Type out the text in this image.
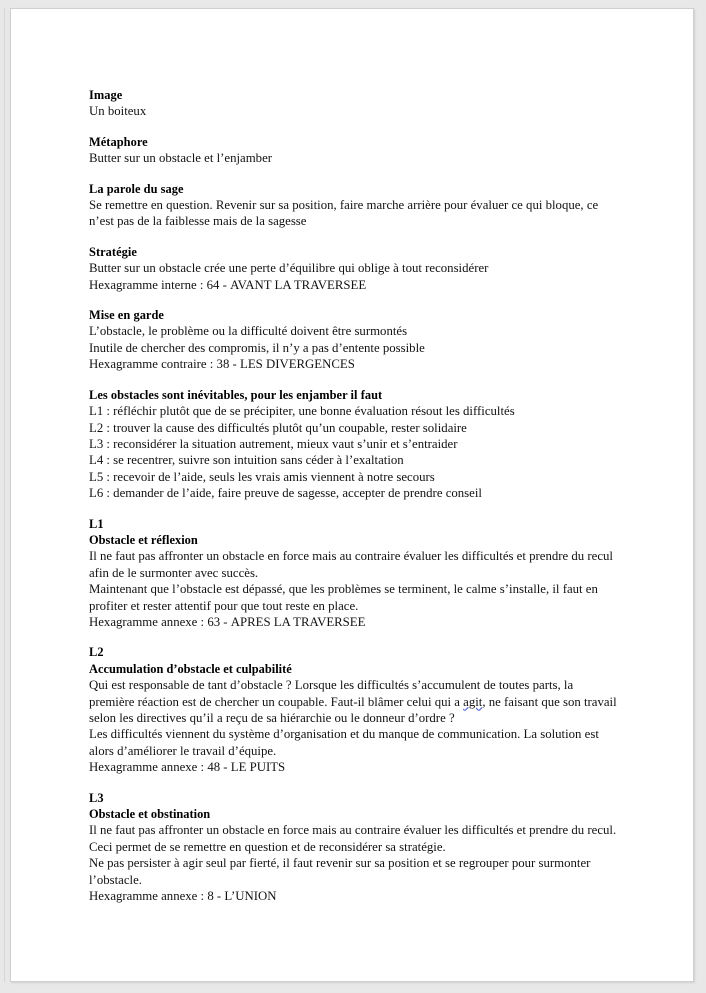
Image
Un boiteux
Métaphore
Butter sur un obstacle et l’enjamber
La parole du sage
Se remettre en question. Revenir sur sa position, faire marche arrière pour évaluer ce qui bloque, ce n’est pas de la faiblesse mais de la sagesse
Stratégie
Butter sur un obstacle crée une perte d’équilibre qui oblige à tout reconsidérer
Hexagramme interne : 64 - AVANT LA TRAVERSEE
Mise en garde
L’obstacle, le problème ou la difficulté doivent être surmontés
Inutile de chercher des compromis, il n’y a pas d’entente possible
Hexagramme contraire : 38 - LES DIVERGENCES
Les obstacles sont inévitables, pour les enjamber il faut
L1 : réfléchir plutôt que de se précipiter, une bonne évaluation résout les difficultés
L2 : trouver la cause des difficultés plutôt qu’un coupable, rester solidaire
L3 : reconsidérer la situation autrement, mieux vaut s’unir et s’entraider
L4 : se recentrer, suivre son intuition sans céder à l’exaltation
L5 : recevoir de l’aide, seuls les vrais amis viennent à notre secours
L6 : demander de l’aide, faire preuve de sagesse, accepter de prendre conseil
L1
Obstacle et réflexion
Il ne faut pas affronter un obstacle en force mais au contraire évaluer les difficultés et prendre du recul afin de le surmonter avec succès.
Maintenant que l’obstacle est dépassé, que les problèmes se terminent, le calme s’installe, il faut en profiter et rester attentif pour que tout reste en place.
Hexagramme annexe : 63 - APRES LA TRAVERSEE
L2
Accumulation d’obstacle et culpabilité
Qui est responsable de tant d’obstacle ? Lorsque les difficultés s’accumulent de toutes parts, la première réaction est de chercher un coupable. Faut-il blâmer celui qui a agit, ne faisant que son travail selon les directives qu’il a reçu de sa hiérarchie ou le donneur d’ordre ?
Les difficultés viennent du système d’organisation et du manque de communication. La solution est alors d’améliorer le travail d’équipe.
Hexagramme annexe : 48 - LE PUITS
L3
Obstacle et obstination
Il ne faut pas affronter un obstacle en force mais au contraire évaluer les difficultés et prendre du recul. Ceci permet de se remettre en question et de reconsidérer sa stratégie.
Ne pas persister à agir seul par fierté, il faut revenir sur sa position et se regrouper pour surmonter l’obstacle.
Hexagramme annexe : 8 - L’UNION
